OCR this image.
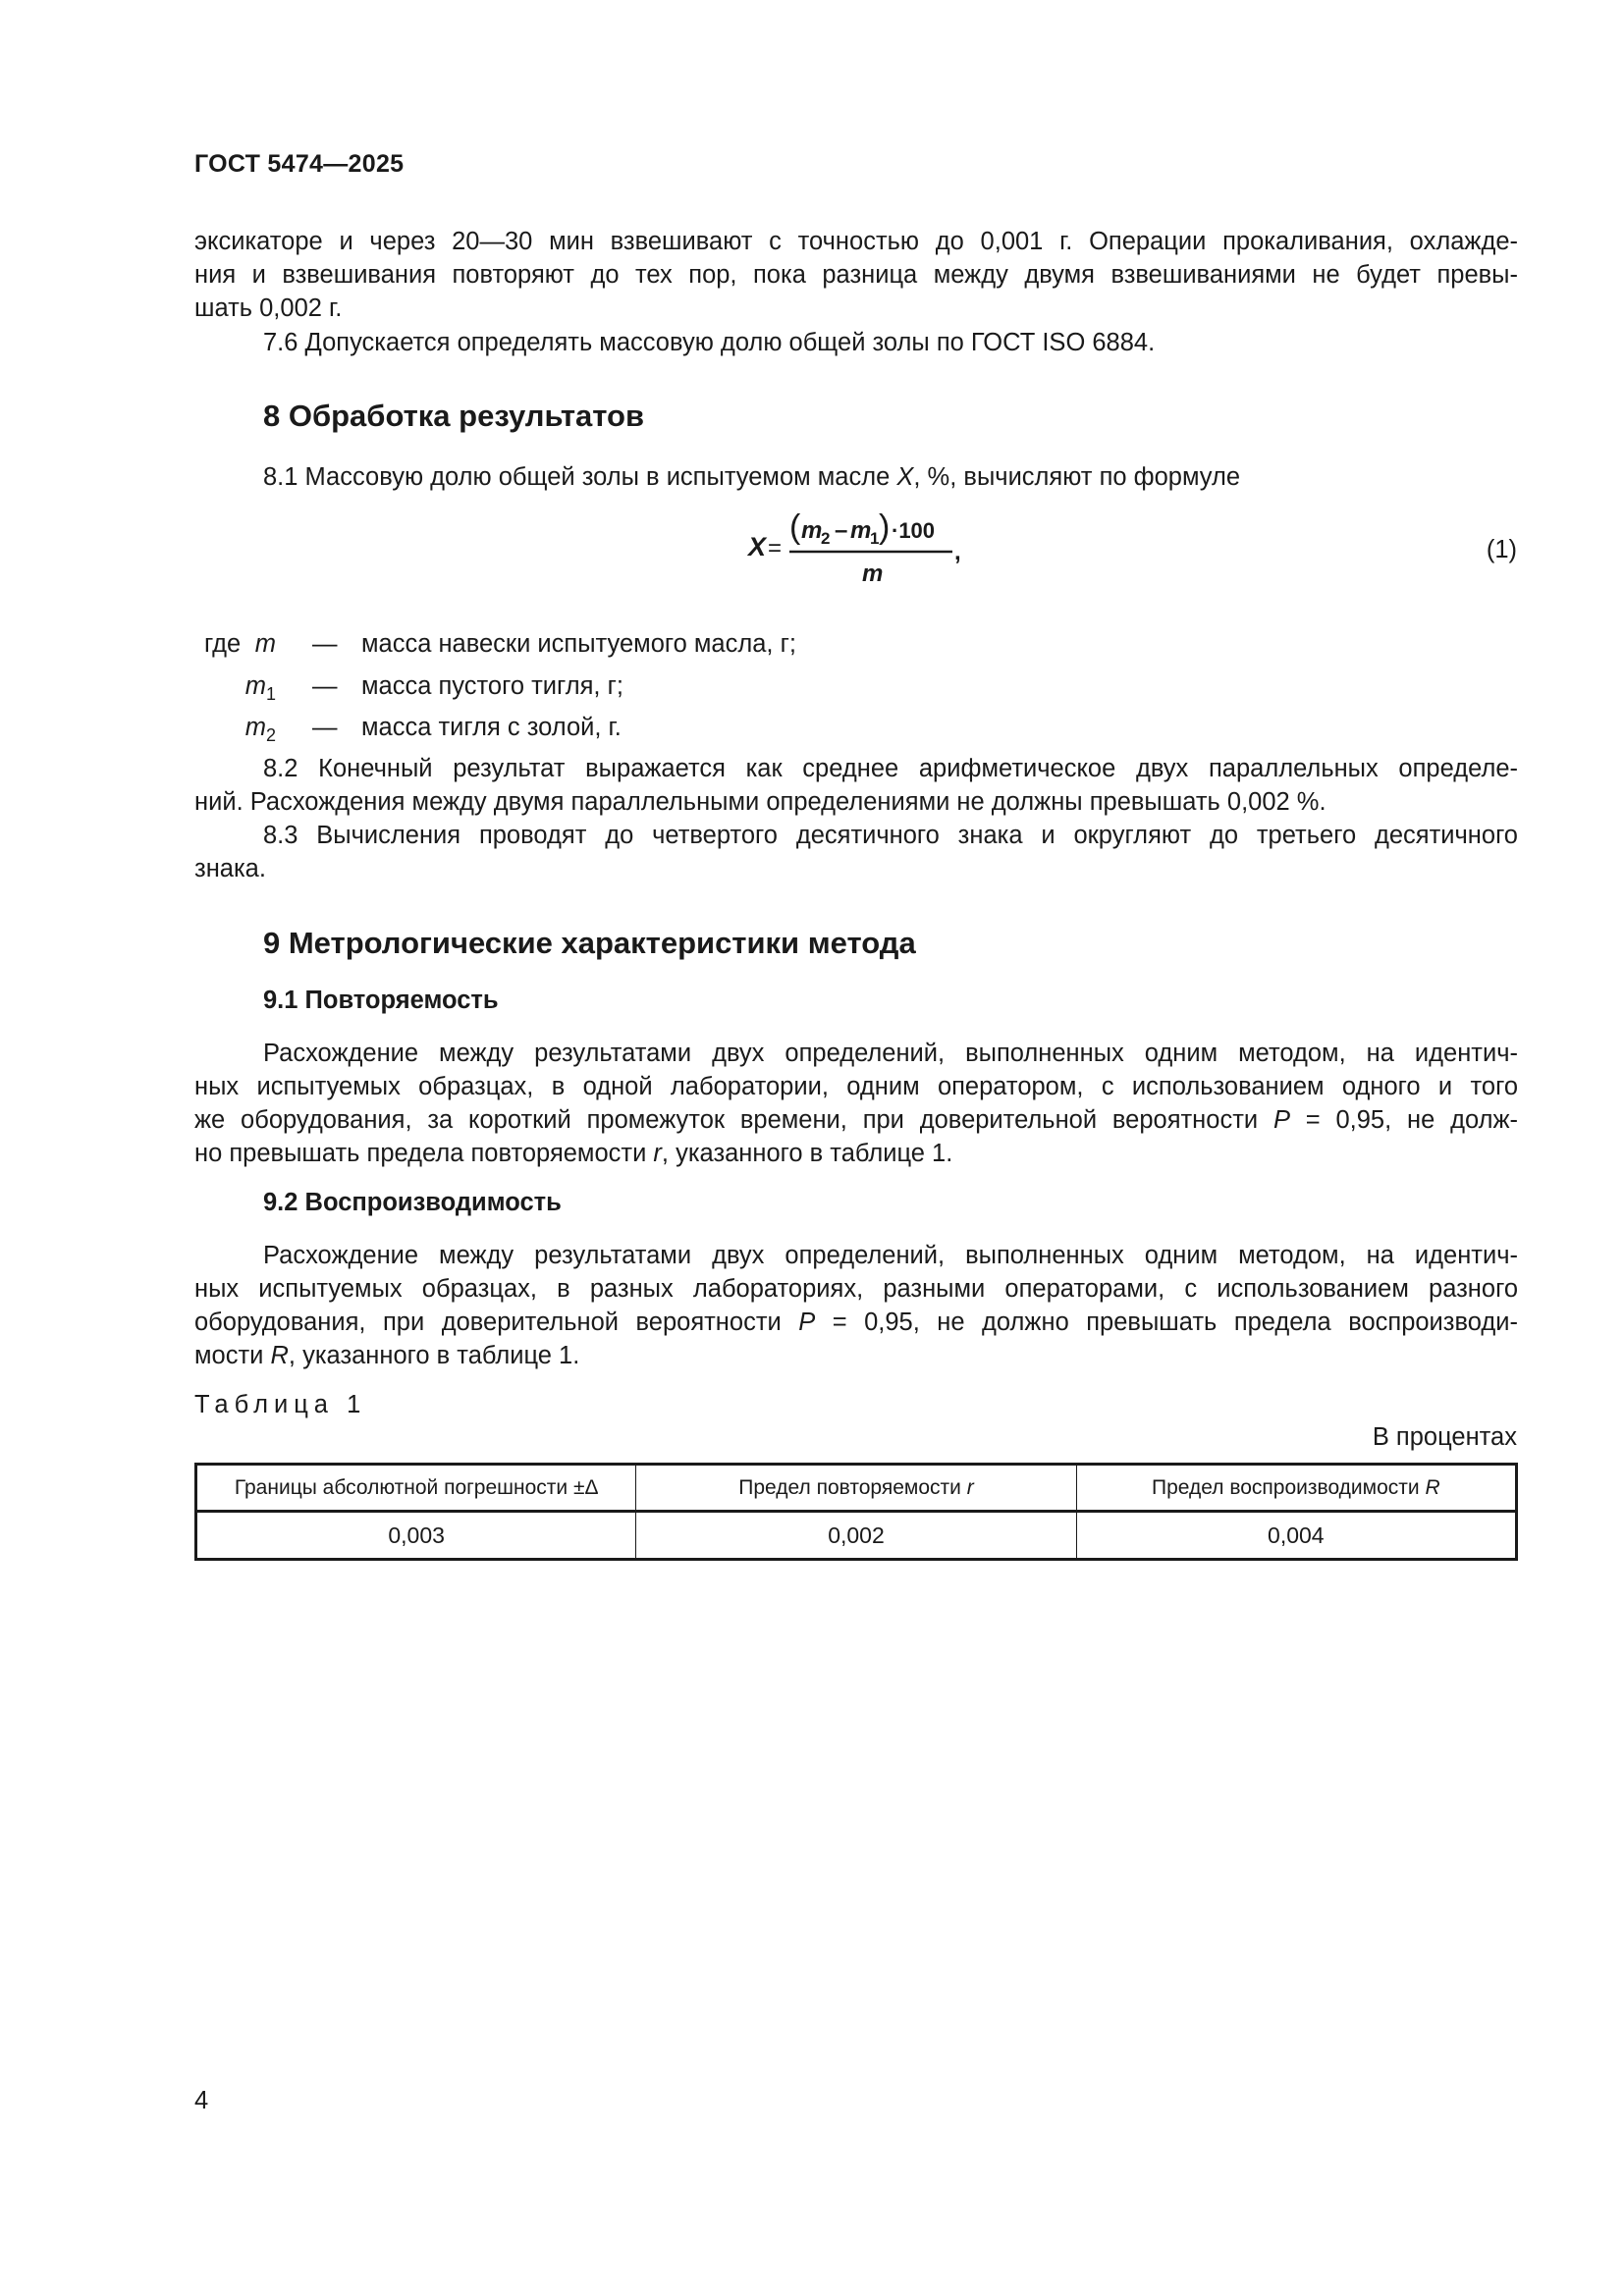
ГОСТ 5474—2025
эксикаторе и через 20—30 мин взвешивают с точностью до 0,001 г. Операции прокаливания, охлажде-
ния и взвешивания повторяют до тех пор, пока разница между двумя взвешиваниями не будет превы-
шать 0,002 г.
7.6 Допускается определять массовую долю общей золы по ГОСТ ISO 6884.
8 Обработка результатов
8.1 Массовую долю общей золы в испытуемом масле X, %, вычисляют по формуле
X =
( m
2 – m
1 ) ·100
m
,	(1)
где m — масса навески испытуемого масла, г;
$m_1$ — масса пустого тигля, г;
$m_2$ — масса тигля с золой, г.
8.2 Конечный результат выражается как среднее арифметическое двух параллельных определе-
ний. Расхождения между двумя параллельными определениями не должны превышать 0,002 %.
8.3 Вычисления проводят до четвертого десятичного знака и округляют до третьего десятичного
знака.
9 Метрологические характеристики метода
9.1 Повторяемость
Расхождение между результатами двух определений, выполненных одним методом, на идентич-
ных испытуемых образцах, в одной лаборатории, одним оператором, с использованием одного и того
же оборудования, за короткий промежуток времени, при доверительной вероятности P = 0,95, не долж-
но превышать предела повторяемости r, указанного в таблице 1.
9.2 Воспроизводимость
Расхождение между результатами двух определений, выполненных одним методом, на идентич-
ных испытуемых образцах, в разных лабораториях, разными операторами, с использованием разного
оборудования, при доверительной вероятности P = 0,95, не должно превышать предела воспроизводи-
мости R, указанного в таблице 1.
Таблица 1
В процентах
Границы абсолютной погрешности ±Δ	Предел повторяемости r	Предел воспроизводимости R
0,003	0,002	0,004
4
